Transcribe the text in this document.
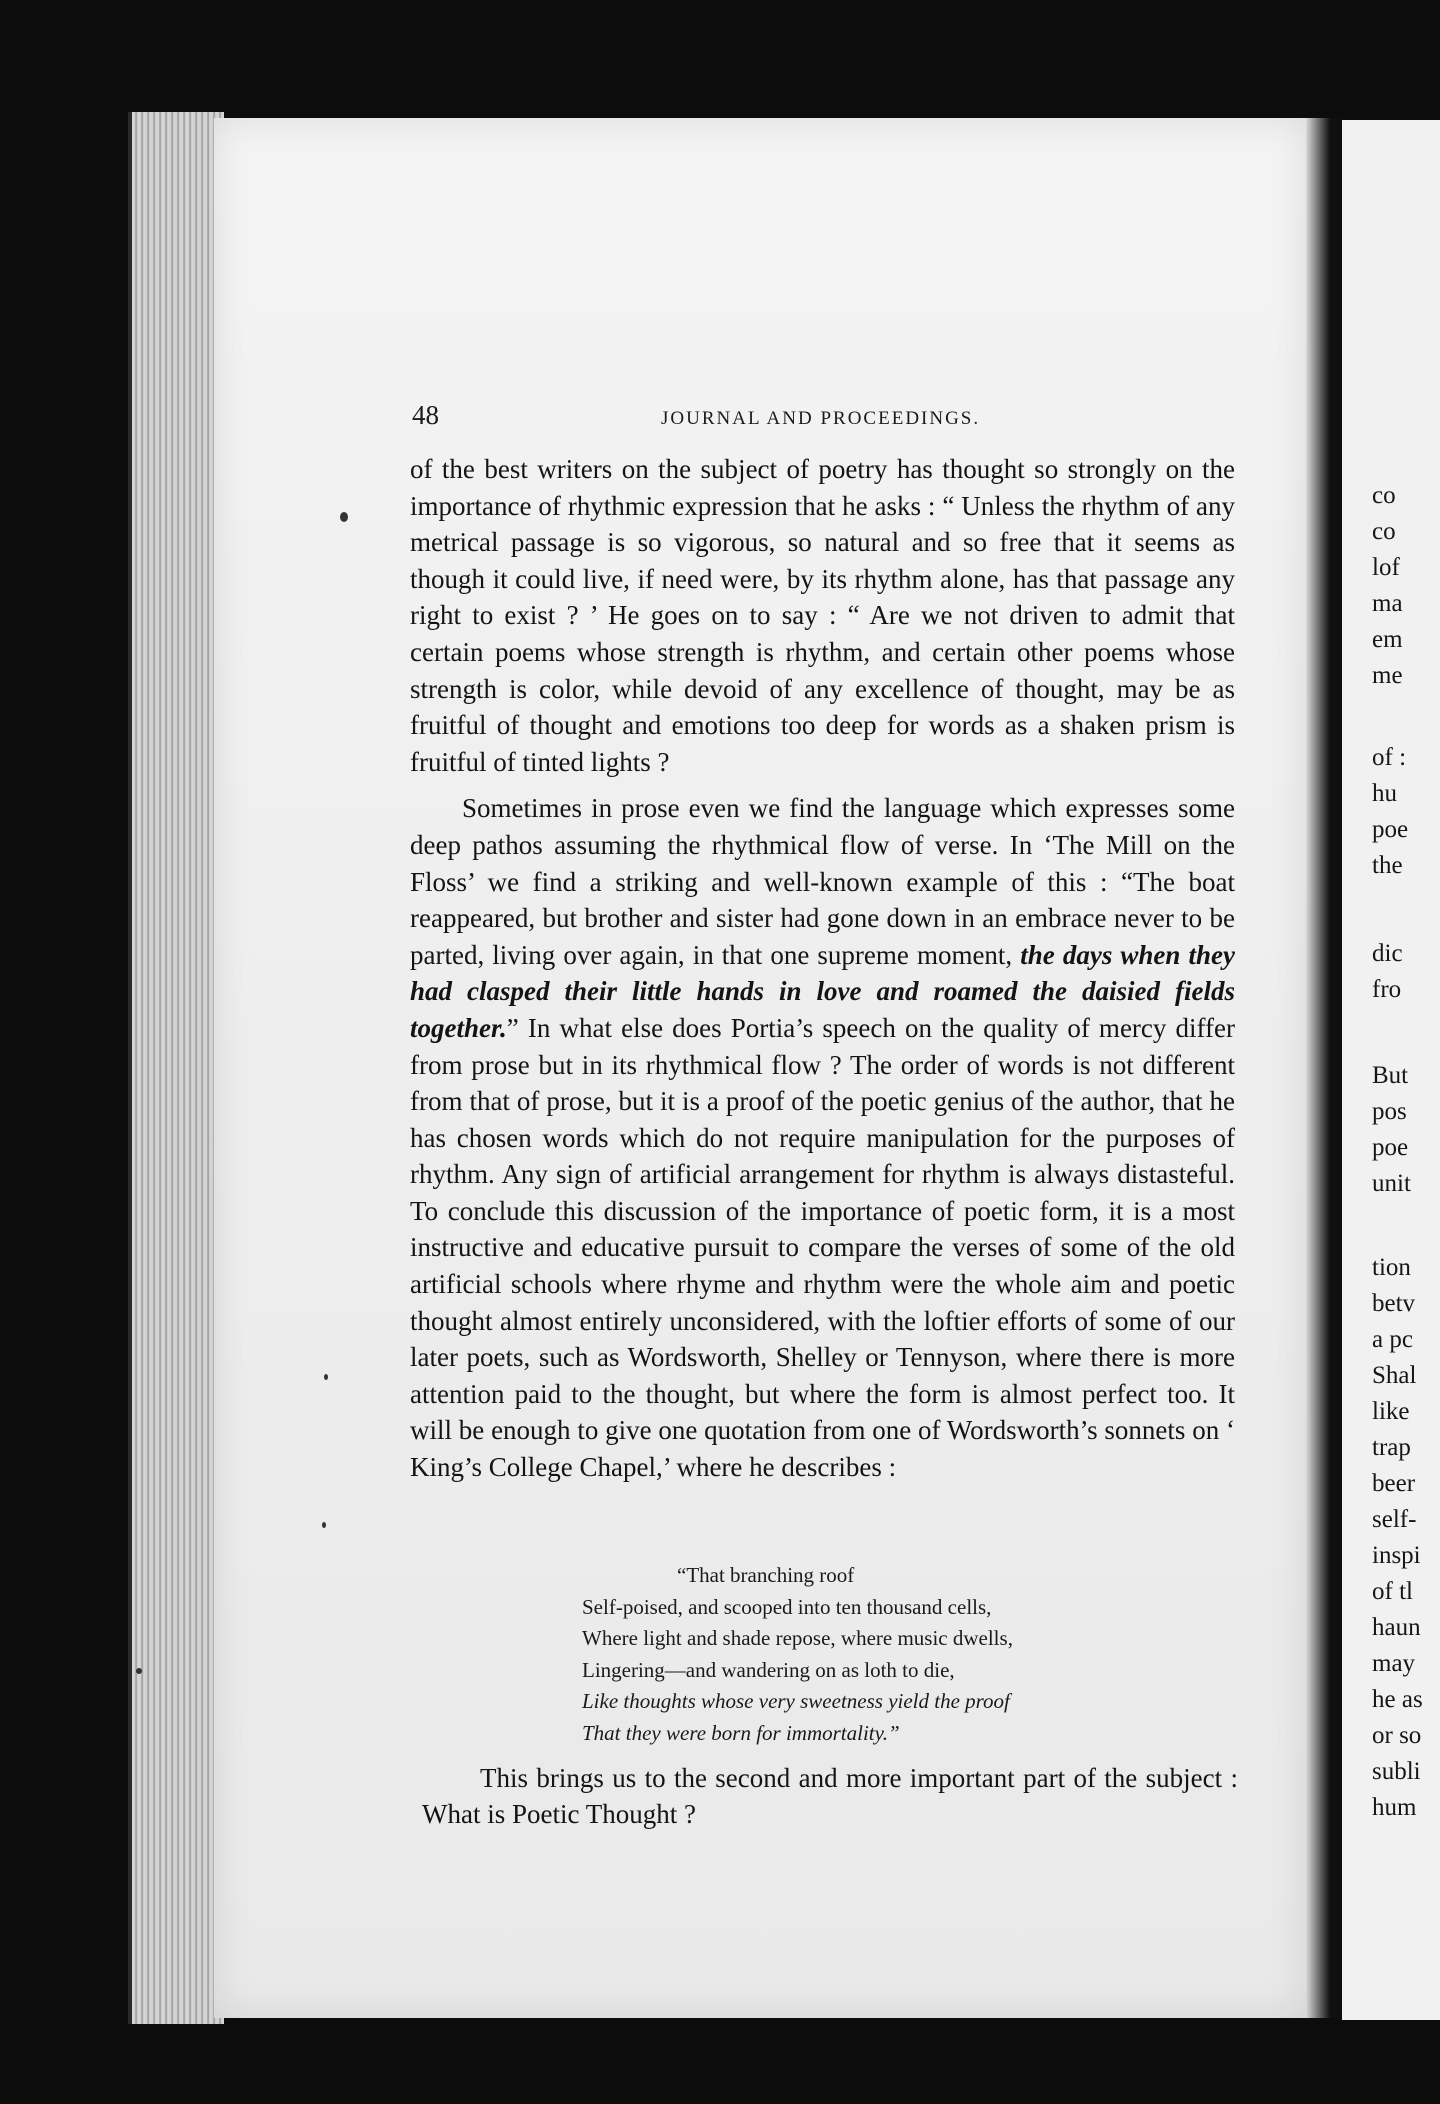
co
co
lof
ma
em
me
of :
hu
poe
the
dic
fro
But
pos
poe
unit
tion
betv
a pc
Shal
like
trap
beer
self-
inspi
of tl
haun
may
he as
or so
subli
hum
48	JOURNAL AND PROCEEDINGS.

of the best writers on the subject of poetry has thought so strongly on the importance of rhythmic expression that he asks : “ Unless the rhythm of any metrical passage is so vigorous, so natural and so free that it seems as though it could live, if need were, by its rhythm alone, has that passage any right to exist ? ’ He goes on to say : “ Are we not driven to admit that certain poems whose strength is rhythm, and certain other poems whose strength is color, while devoid of any excellence of thought, may be as fruitful of thought and emotions too deep for words as a shaken prism is fruitful of tinted lights ?

Sometimes in prose even we find the language which expresses some deep pathos assuming the rhythmical flow of verse. In ‘The Mill on the Floss’ we find a striking and well-known example of this : “The boat reappeared, but brother and sister had gone down in an embrace never to be parted, living over again, in that one supreme moment, the days when they had clasped their little hands in love and roamed the daisied fields together.” In what else does Portia’s speech on the quality of mercy differ from prose but in its rhythmical flow ? The order of words is not different from that of prose, but it is a proof of the poetic genius of the author, that he has chosen words which do not require manipulation for the purposes of rhythm. Any sign of artificial arrangement for rhythm is always distasteful. To conclude this discussion of the importance of poetic form, it is a most instructive and educative pursuit to compare the verses of some of the old artificial schools where rhyme and rhythm were the whole aim and poetic thought almost entirely unconsidered, with the loftier efforts of some of our later poets, such as Wordsworth, Shelley or Tennyson, where there is more attention paid to the thought, but where the form is almost perfect too. It will be enough to give one quotation from one of Wordsworth’s sonnets on ‘ King’s College Chapel,’ where he describes :

“That branching roof
Self-poised, and scooped into ten thousand cells,
Where light and shade repose, where music dwells,
Lingering—and wandering on as loth to die,
Like thoughts whose very sweetness yield the proof
That they were born for immortality.”
This brings us to the second and more important part of the subject : What is Poetic Thought ?
